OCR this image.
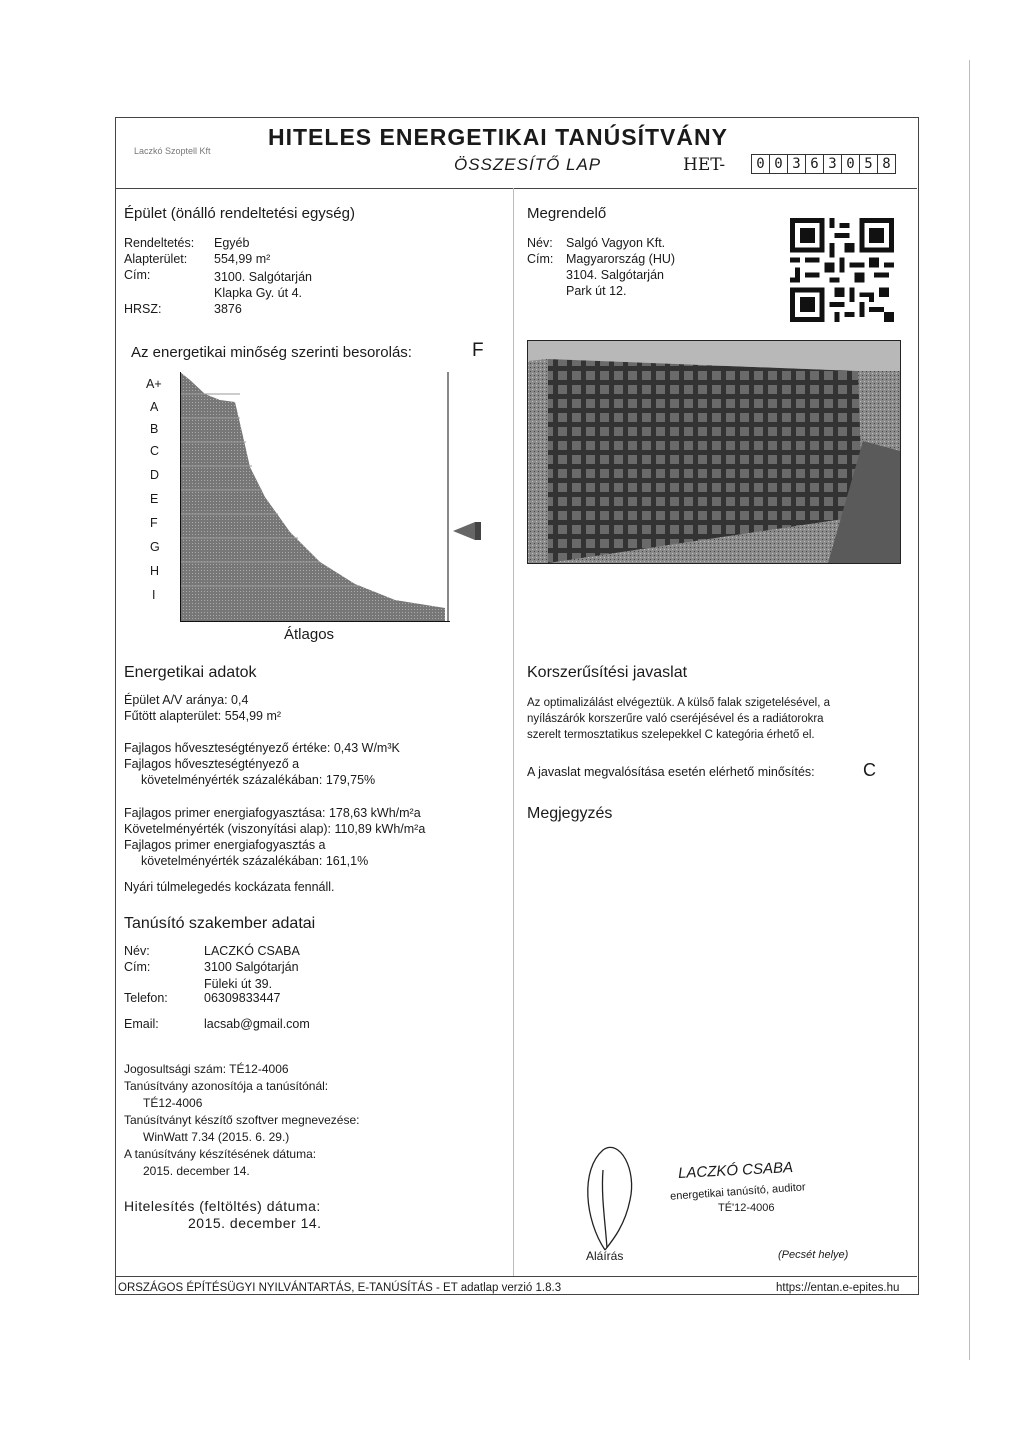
Laczkó Szoptell Kft
HITELES ENERGETIKAI TANÚSÍTVÁNY
ÖSSZESÍTŐ LAP	HET-	0 0 3 6 3 0 5 8
Épület (önálló rendeltetési egység)
Rendeltetés: Egyéb
Alapterület: 554,99 m²
Cím:	3100. Salgótarján
Klapka Gy. út 4.
HRSZ:	3876
Megrendelő
Név: Salgó Vagyon Kft.
Cím: Magyarország (HU)
3104. Salgótarján
Park út 12.
Az energetikai minőség szerinti besorolás:	F
A+
A
B
C
D
E
F
G
H
I
Átlagos
Energetikai adatok
Épület A/V aránya: 0,4
Fűtött alapterület: 554,99 m²
Fajlagos hőveszteségtényező értéke: 0,43 W/m³K
Fajlagos hőveszteségtényező a
követelményérték százalékában: 179,75%
Fajlagos primer energiafogyasztása: 178,63 kWh/m²a
Követelményérték (viszonyítási alap): 110,89 kWh/m²a
Fajlagos primer energiafogyasztás a
követelményérték százalékában: 161,1%
Nyári túlmelegedés kockázata fennáll.
Korszerűsítési javaslat
Az optimalizálást elvégeztük. A külső falak szigetelésével, a
nyílászárók korszerűre való cseréjésével és a radiátorokra
szerelt termosztatikus szelepekkel C kategória érhető el.
A javaslat megvalósítása esetén elérhető minősítés:	C
Megjegyzés
Tanúsító szakember adatai
Név:	LACZKÓ CSABA
Cím:	3100 Salgótarján
Füleki út 39.
Telefon:	06309833447
Email:	lacsab@gmail.com
Jogosultsági szám: TÉ12-4006
Tanúsítvány azonosítója a tanúsítónál:
TÉ12-4006
Tanúsítványt készítő szoftver megnevezése:
WinWatt 7.34 (2015. 6. 29.)
A tanúsítvány készítésének dátuma:
2015. december 14.
Hitelesítés (feltöltés) dátuma:
2015. december 14.
Aláírás
LACZKÓ CSABA
energetikai tanúsító, auditor
TÉ'12-4006
(Pecsét helye)
ORSZÁGOS ÉPÍTÉSÜGYI NYILVÁNTARTÁS, E-TANÚSÍTÁS - ET adatlap verzió 1.8.3	https://entan.e-epites.hu
